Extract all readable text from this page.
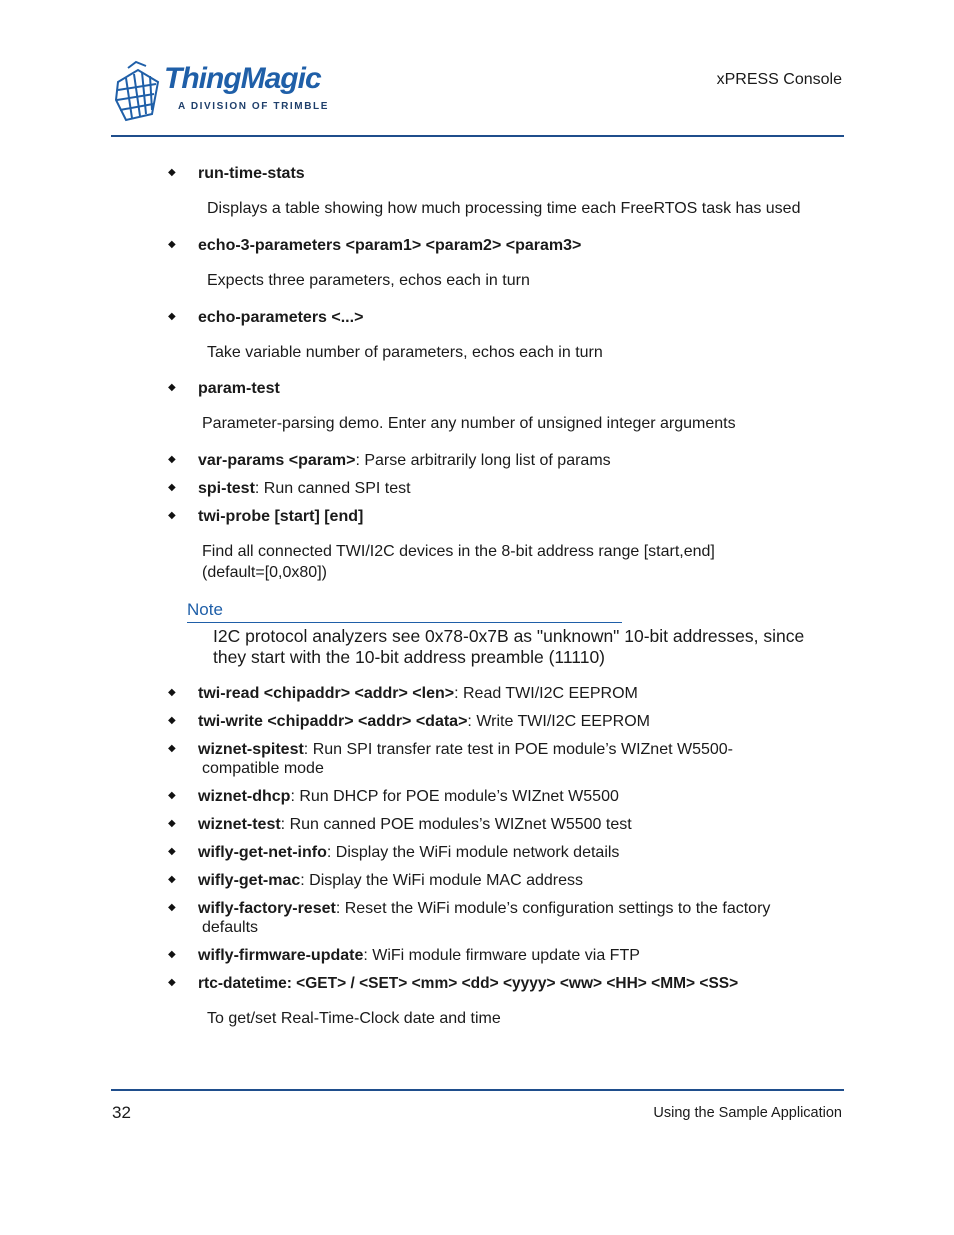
ThingMagic
A DIVISION OF TRIMBLE
xPRESS Console
◆ run-time-stats
Displays a table showing how much processing time each FreeRTOS task has used
◆ echo-3-parameters <param1> <param2> <param3>
Expects three parameters, echos each in turn
◆ echo-parameters <...>
Take variable number of parameters, echos each in turn
◆ param-test
Parameter-parsing demo. Enter any number of unsigned integer arguments
◆ var-params <param>: Parse arbitrarily long list of params
◆ spi-test: Run canned SPI test
◆ twi-probe [start] [end]
Find all connected TWI/I2C devices in the 8-bit address range [start,end]
(default=[0,0x80])
Note
I2C protocol analyzers see 0x78-0x7B as "unknown" 10-bit addresses, since
they start with the 10-bit address preamble (11110)
◆ twi-read <chipaddr> <addr> <len>: Read TWI/I2C EEPROM
◆ twi-write <chipaddr> <addr> <data>: Write TWI/I2C EEPROM
◆ wiznet-spitest: Run SPI transfer rate test in POE module’s WIZnet W5500-
compatible mode
◆ wiznet-dhcp: Run DHCP for POE module’s WIZnet W5500
◆ wiznet-test: Run canned POE modules’s WIZnet W5500 test
◆ wifly-get-net-info: Display the WiFi module network details
◆ wifly-get-mac: Display the WiFi module MAC address
◆ wifly-factory-reset: Reset the WiFi module’s configuration settings to the factory
defaults
◆ wifly-firmware-update: WiFi module firmware update via FTP
◆ rtc-datetime: <GET> / <SET> <mm> <dd> <yyyy> <ww> <HH> <MM> <SS>
To get/set Real-Time-Clock date and time
32	Using the Sample Application
